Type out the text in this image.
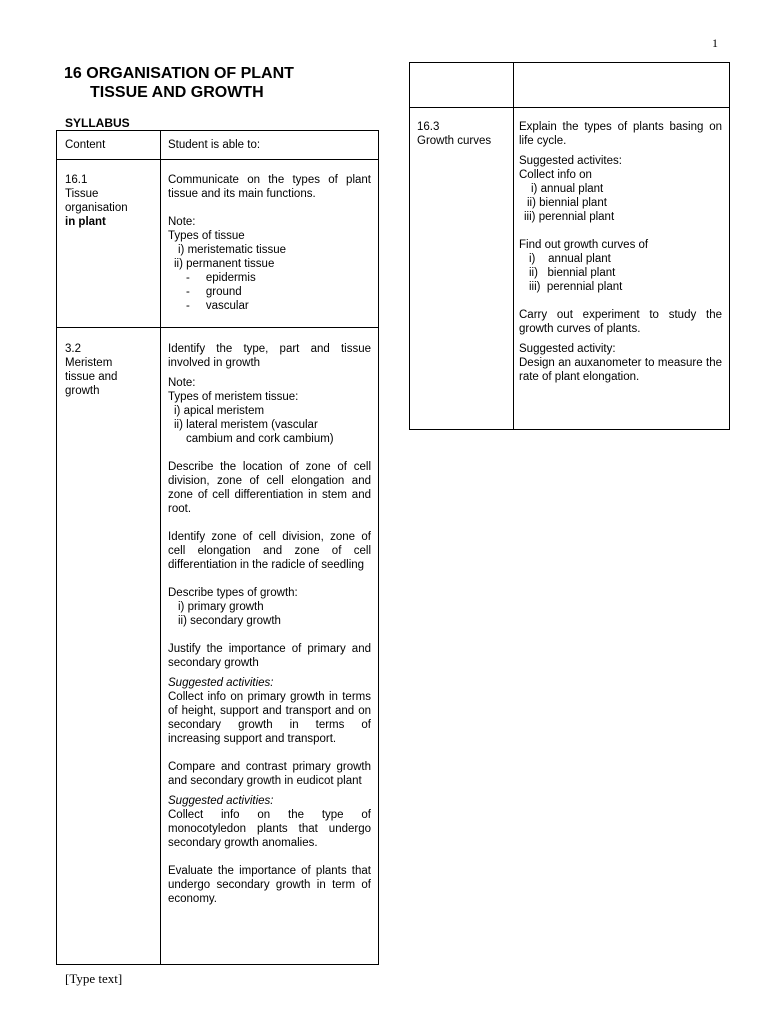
1
16 ORGANISATION OF PLANT
TISSUE AND GROWTH
SYLLABUS
Content	Student is able to:

16.1

Tissue

organisation

in plant

Communicate on the types of plant tissue and its main functions.

Note:

Types of tissue

i) meristematic tissue

ii) permanent tissue

- epidermis

- ground

- vascular

3.2

Meristem

tissue and

growth

Identify the type, part and tissue involved in growth

Note:

Types of meristem tissue:

i) apical meristem

ii) lateral meristem (vascular

cambium and cork cambium)

Describe the location of zone of cell division, zone of cell elongation and zone of cell differentiation in stem and root.

Identify zone of cell division, zone of cell elongation and zone of cell differentiation in the radicle of seedling

Describe types of growth:

i) primary growth

ii) secondary growth

Justify the importance of primary and secondary growth

Suggested activities:

Collect info on primary growth in terms of height, support and transport and on secondary growth in terms of increasing support and transport.

Compare and contrast primary growth and secondary growth in eudicot plant

Suggested activities:

Collect info on the type of monocotyledon plants that undergo secondary growth anomalies.

Evaluate the importance of plants that undergo secondary growth in term of economy.

16.3

Growth curves

Explain the types of plants basing on life cycle.

Suggested activites:

Collect info on

i) annual plant

ii) biennial plant

iii) perennial plant

Find out growth curves of

i)    annual plant

ii)   biennial plant

iii)  perennial plant

Carry out experiment to study the growth curves of plants.

Suggested activity:

Design an auxanometer to measure the rate of plant elongation.

[Type text]
